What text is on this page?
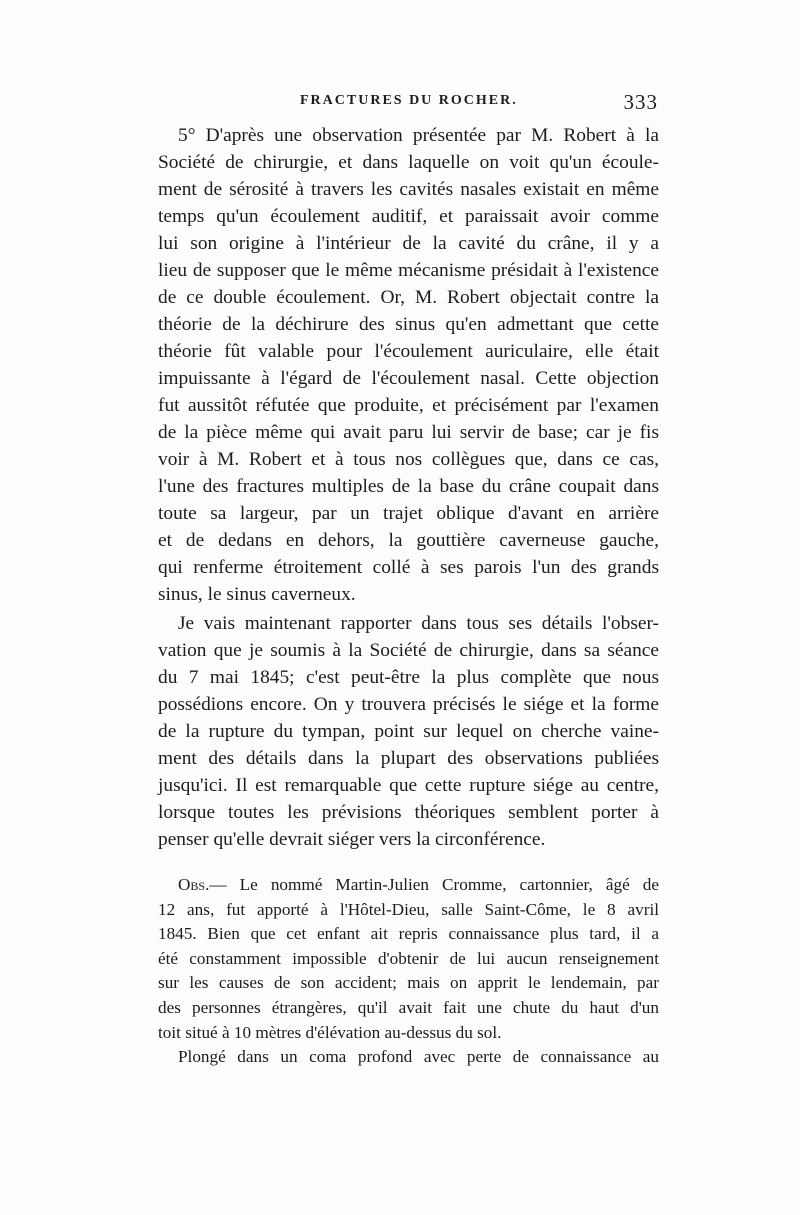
FRACTURES DU ROCHER.	333

5° D'après une observation présentée par M. Robert à la
Société de chirurgie, et dans laquelle on voit qu'un écoule-
ment de sérosité à travers les cavités nasales existait en même
temps qu'un écoulement auditif, et paraissait avoir comme
lui son origine à l'intérieur de la cavité du crâne, il y a
lieu de supposer que le même mécanisme présidait à l'existence
de ce double écoulement. Or, M. Robert objectait contre la
théorie de la déchirure des sinus qu'en admettant que cette
théorie fût valable pour l'écoulement auriculaire, elle était
impuissante à l'égard de l'écoulement nasal. Cette objection
fut aussitôt réfutée que produite, et précisément par l'examen
de la pièce même qui avait paru lui servir de base; car je fis
voir à M. Robert et à tous nos collègues que, dans ce cas,
l'une des fractures multiples de la base du crâne coupait dans
toute sa largeur, par un trajet oblique d'avant en arrière
et de dedans en dehors, la gouttière caverneuse gauche,
qui renferme étroitement collé à ses parois l'un des grands
sinus, le sinus caverneux.

Je vais maintenant rapporter dans tous ses détails l'obser-
vation que je soumis à la Société de chirurgie, dans sa séance
du 7 mai 1845; c'est peut-être la plus complète que nous
possédions encore. On y trouvera précisés le siége et la forme
de la rupture du tympan, point sur lequel on cherche vaine-
ment des détails dans la plupart des observations publiées
jusqu'ici. Il est remarquable que cette rupture siége au centre,
lorsque toutes les prévisions théoriques semblent porter à
penser qu'elle devrait siéger vers la circonférence.

Obs.— Le nommé Martin-Julien Cromme, cartonnier, âgé de
12 ans, fut apporté à l'Hôtel-Dieu, salle Saint-Côme, le 8 avril
1845. Bien que cet enfant ait repris connaissance plus tard, il a
été constamment impossible d'obtenir de lui aucun renseignement
sur les causes de son accident; mais on apprit le lendemain, par
des personnes étrangères, qu'il avait fait une chute du haut d'un
toit situé à 10 mètres d'élévation au-dessus du sol.

Plongé dans un coma profond avec perte de connaissance au
